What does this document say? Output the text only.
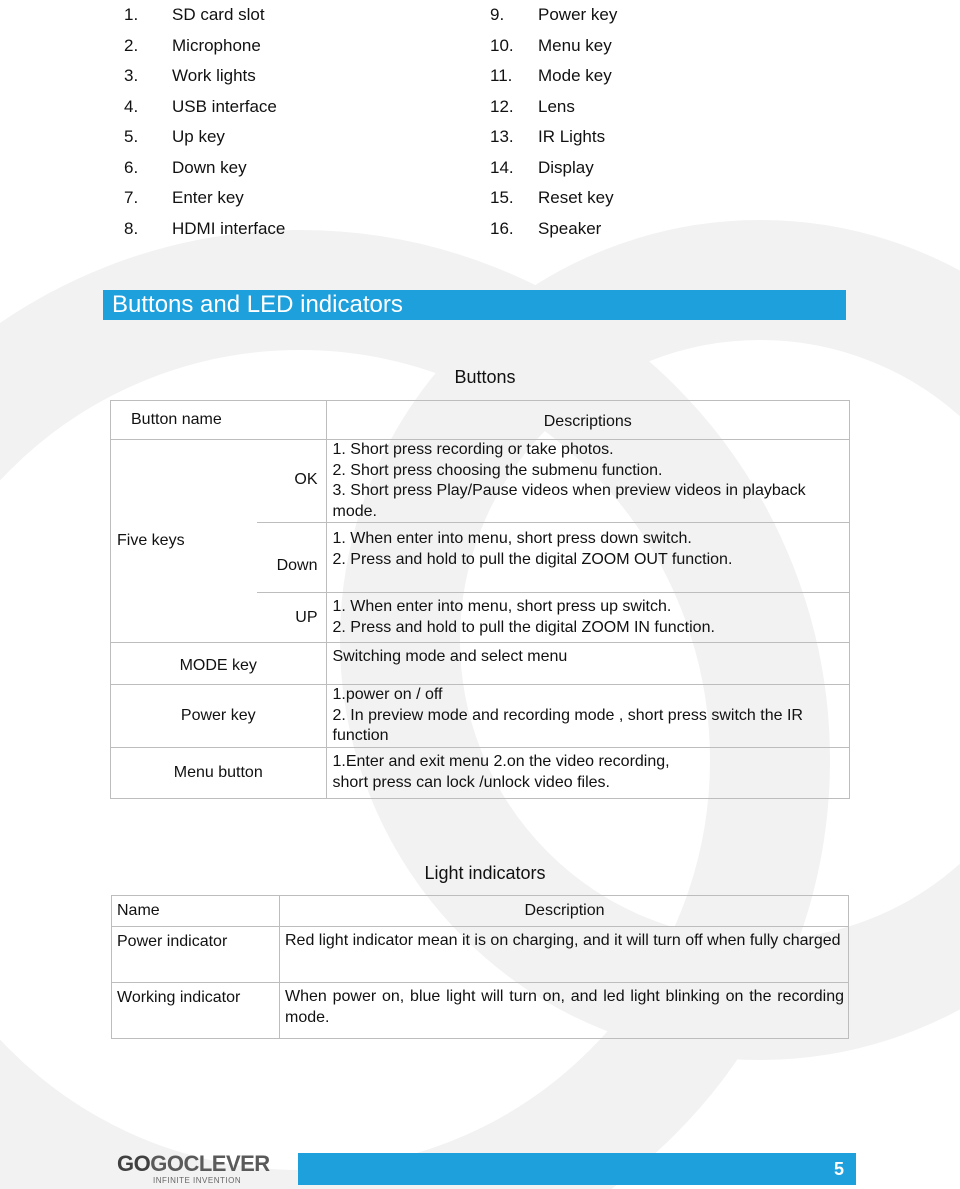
1. SD card slot
2. Microphone
3. Work lights
4. USB interface
5. Up key
6. Down key
7. Enter key
8. HDMI interface
9. Power key
10. Menu key
11. Mode key
12. Lens
13. IR Lights
14. Display
15. Reset key
16. Speaker
Buttons and LED indicators
Buttons
Button name		Descriptions
Five keys	OK	1. Short press recording or take photos.
2. Short press choosing the submenu function.
3. Short press Play/Pause videos when preview videos in playback mode.

	Down	1. When enter into menu, short press down switch.
2. Press and hold to pull the digital ZOOM OUT function.

	UP	1. When enter into menu, short press up switch.
2. Press and hold to pull the digital ZOOM IN function.

MODE key		Switching mode and select menu

Power key		1.power on / off
2. In preview mode and recording mode , short press switch the IR function

Menu button		1.Enter and exit menu 2.on the video recording,
short press can lock /unlock video files.
Light indicators
Name	Description
Power indicator	Red light indicator mean it is on charging, and it will turn off when fully charged
Working indicator	When power on, blue light will turn on, and led light blinking on the recording mode.
GOGOCLEVER
INFINITE INVENTION
5
